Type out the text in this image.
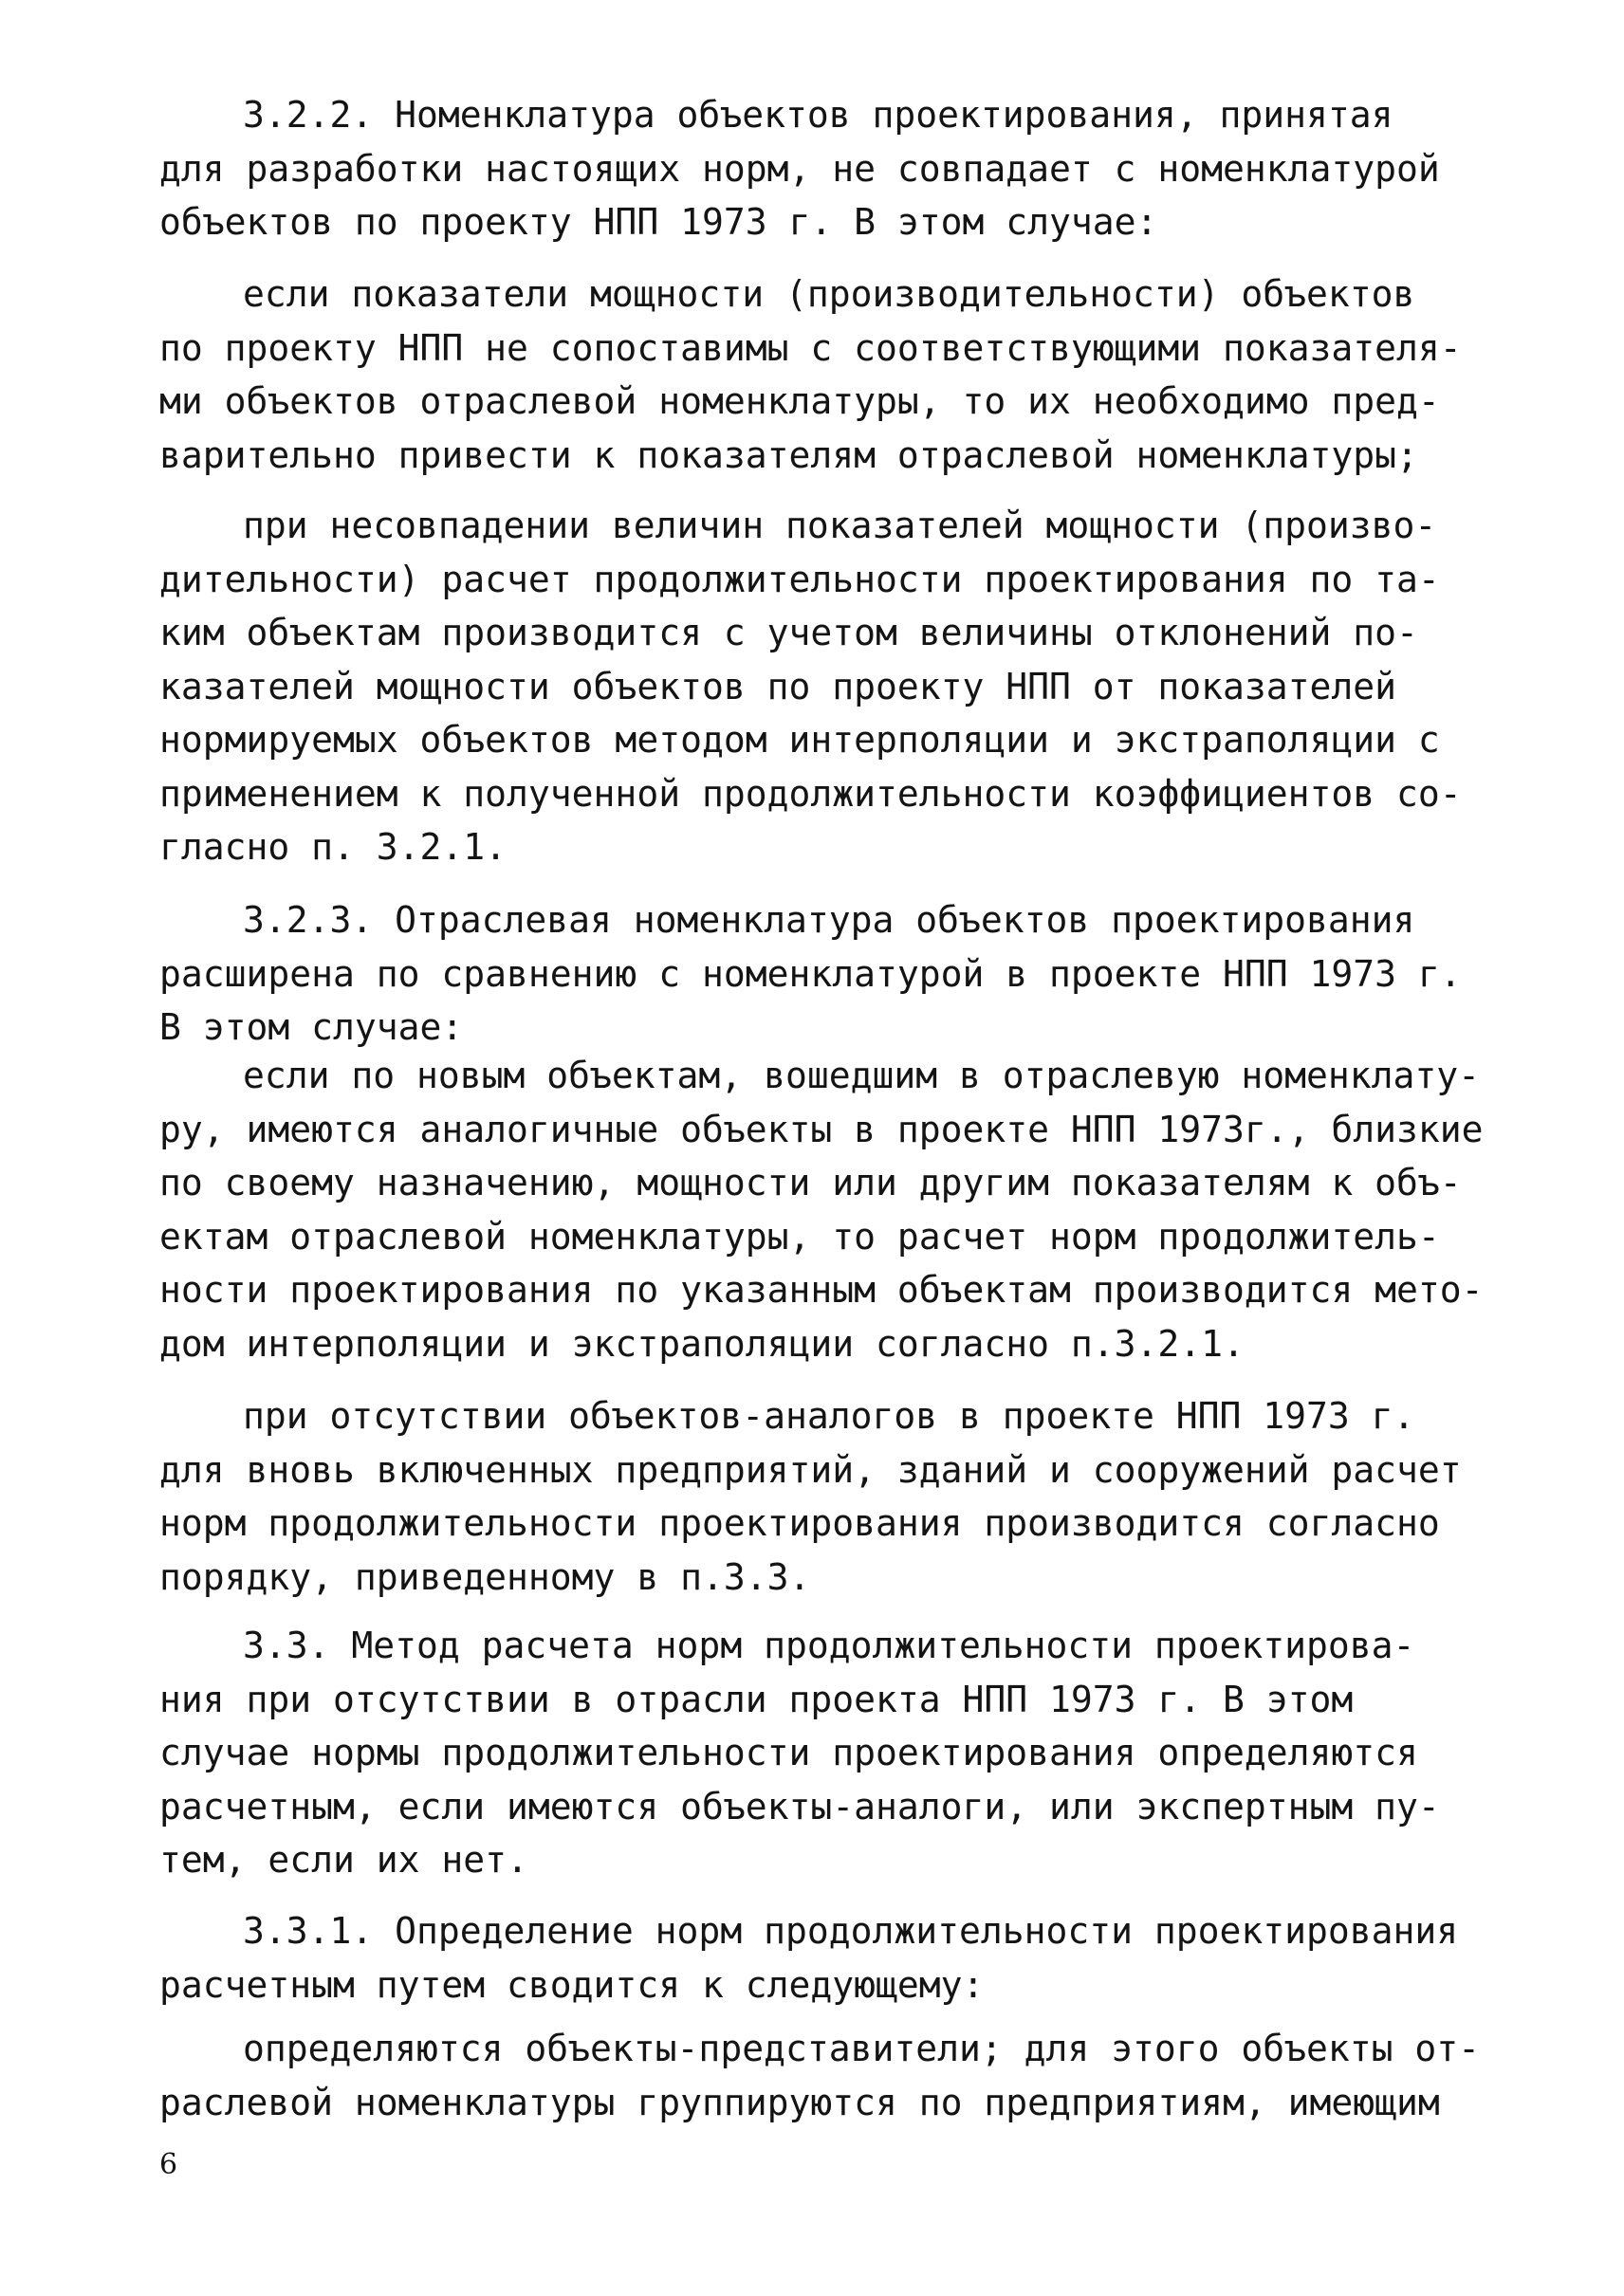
3.2.2. Номенклатура объектов проектирования, принятая
для разработки настоящих норм, не совпадает с номенклатурой
объектов по проекту НПП 1973 г. В этом случае:
если показатели мощности (производительности) объектов
по проекту НПП не сопоставимы с соответствующими показателя-
ми объектов отраслевой номенклатуры, то их необходимо пред-
варительно привести к показателям отраслевой номенклатуры;
при несовпадении величин показателей мощности (произво-
дительности) расчет продолжительности проектирования по та-
ким объектам производится с учетом величины отклонений по-
казателей мощности объектов по проекту НПП от показателей
нормируемых объектов методом интерполяции и экстраполяции с
применением к полученной продолжительности коэффициентов со-
гласно п. 3.2.1.
3.2.3. Отраслевая номенклатура объектов проектирования
расширена по сравнению с номенклатурой в проекте НПП 1973 г.
В этом случае:
если по новым объектам, вошедшим в отраслевую номенклату-
ру, имеются аналогичные объекты в проекте НПП 1973г., близкие
по своему назначению, мощности или другим показателям к объ-
ектам отраслевой номенклатуры, то расчет норм продолжитель-
ности проектирования по указанным объектам производится мето-
дом интерполяции и экстраполяции согласно п.3.2.1.
при отсутствии объектов-аналогов в проекте НПП 1973 г.
для вновь включенных предприятий, зданий и сооружений расчет
норм продолжительности проектирования производится согласно
порядку, приведенному в п.3.3.
3.3. Метод расчета норм продолжительности проектирова-
ния при отсутствии в отрасли проекта НПП 1973 г. В этом
случае нормы продолжительности проектирования определяются
расчетным, если имеются объекты-аналоги, или экспертным пу-
тем, если их нет.
3.3.1. Определение норм продолжительности проектирования
расчетным путем сводится к следующему:
определяются объекты-представители; для этого объекты от-
раслевой номенклатуры группируются по предприятиям, имеющим
6
